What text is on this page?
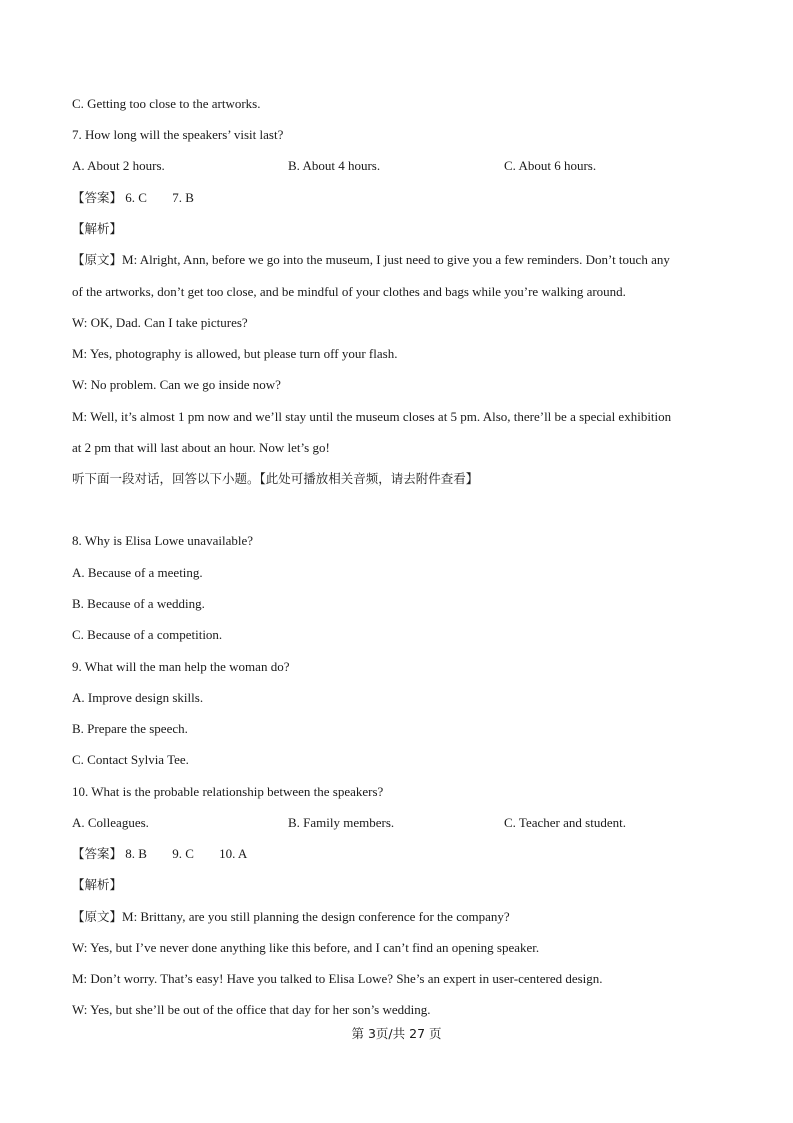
C. Getting too close to the artworks.
7. How long will the speakers’ visit last?
A. About 2 hours.	B. About 4 hours.	C. About 6 hours.
【答案】 6. C 7. B
【解析】
【原文】M: Alright, Ann, before we go into the museum, I just need to give you a few reminders. Don’t touch any
of the artworks, don’t get too close, and be mindful of your clothes and bags while you’re walking around.
W: OK, Dad. Can I take pictures?
M: Yes, photography is allowed, but please turn off your flash.
W: No problem. Can we go inside now?
M: Well, it’s almost 1 pm now and we’ll stay until the museum closes at 5 pm. Also, there’ll be a special exhibition
at 2 pm that will last about an hour. Now let’s go!
听下面一段对话，回答以下小题。【此处可播放相关音频，请去附件查看】
8. Why is Elisa Lowe unavailable?
A. Because of a meeting.
B. Because of a wedding.
C. Because of a competition.
9. What will the man help the woman do?
A. Improve design skills.
B. Prepare the speech.
C. Contact Sylvia Tee.
10. What is the probable relationship between the speakers?
A. Colleagues.	B. Family members.	C. Teacher and student.
【答案】 8. B 9. C 10. A
【解析】
【原文】M: Brittany, are you still planning the design conference for the company?
W: Yes, but I’ve never done anything like this before, and I can’t find an opening speaker.
M: Don’t worry. That’s easy! Have you talked to Elisa Lowe? She’s an expert in user-centered design.
W: Yes, but she’ll be out of the office that day for her son’s wedding.
第 3页/共 27 页
